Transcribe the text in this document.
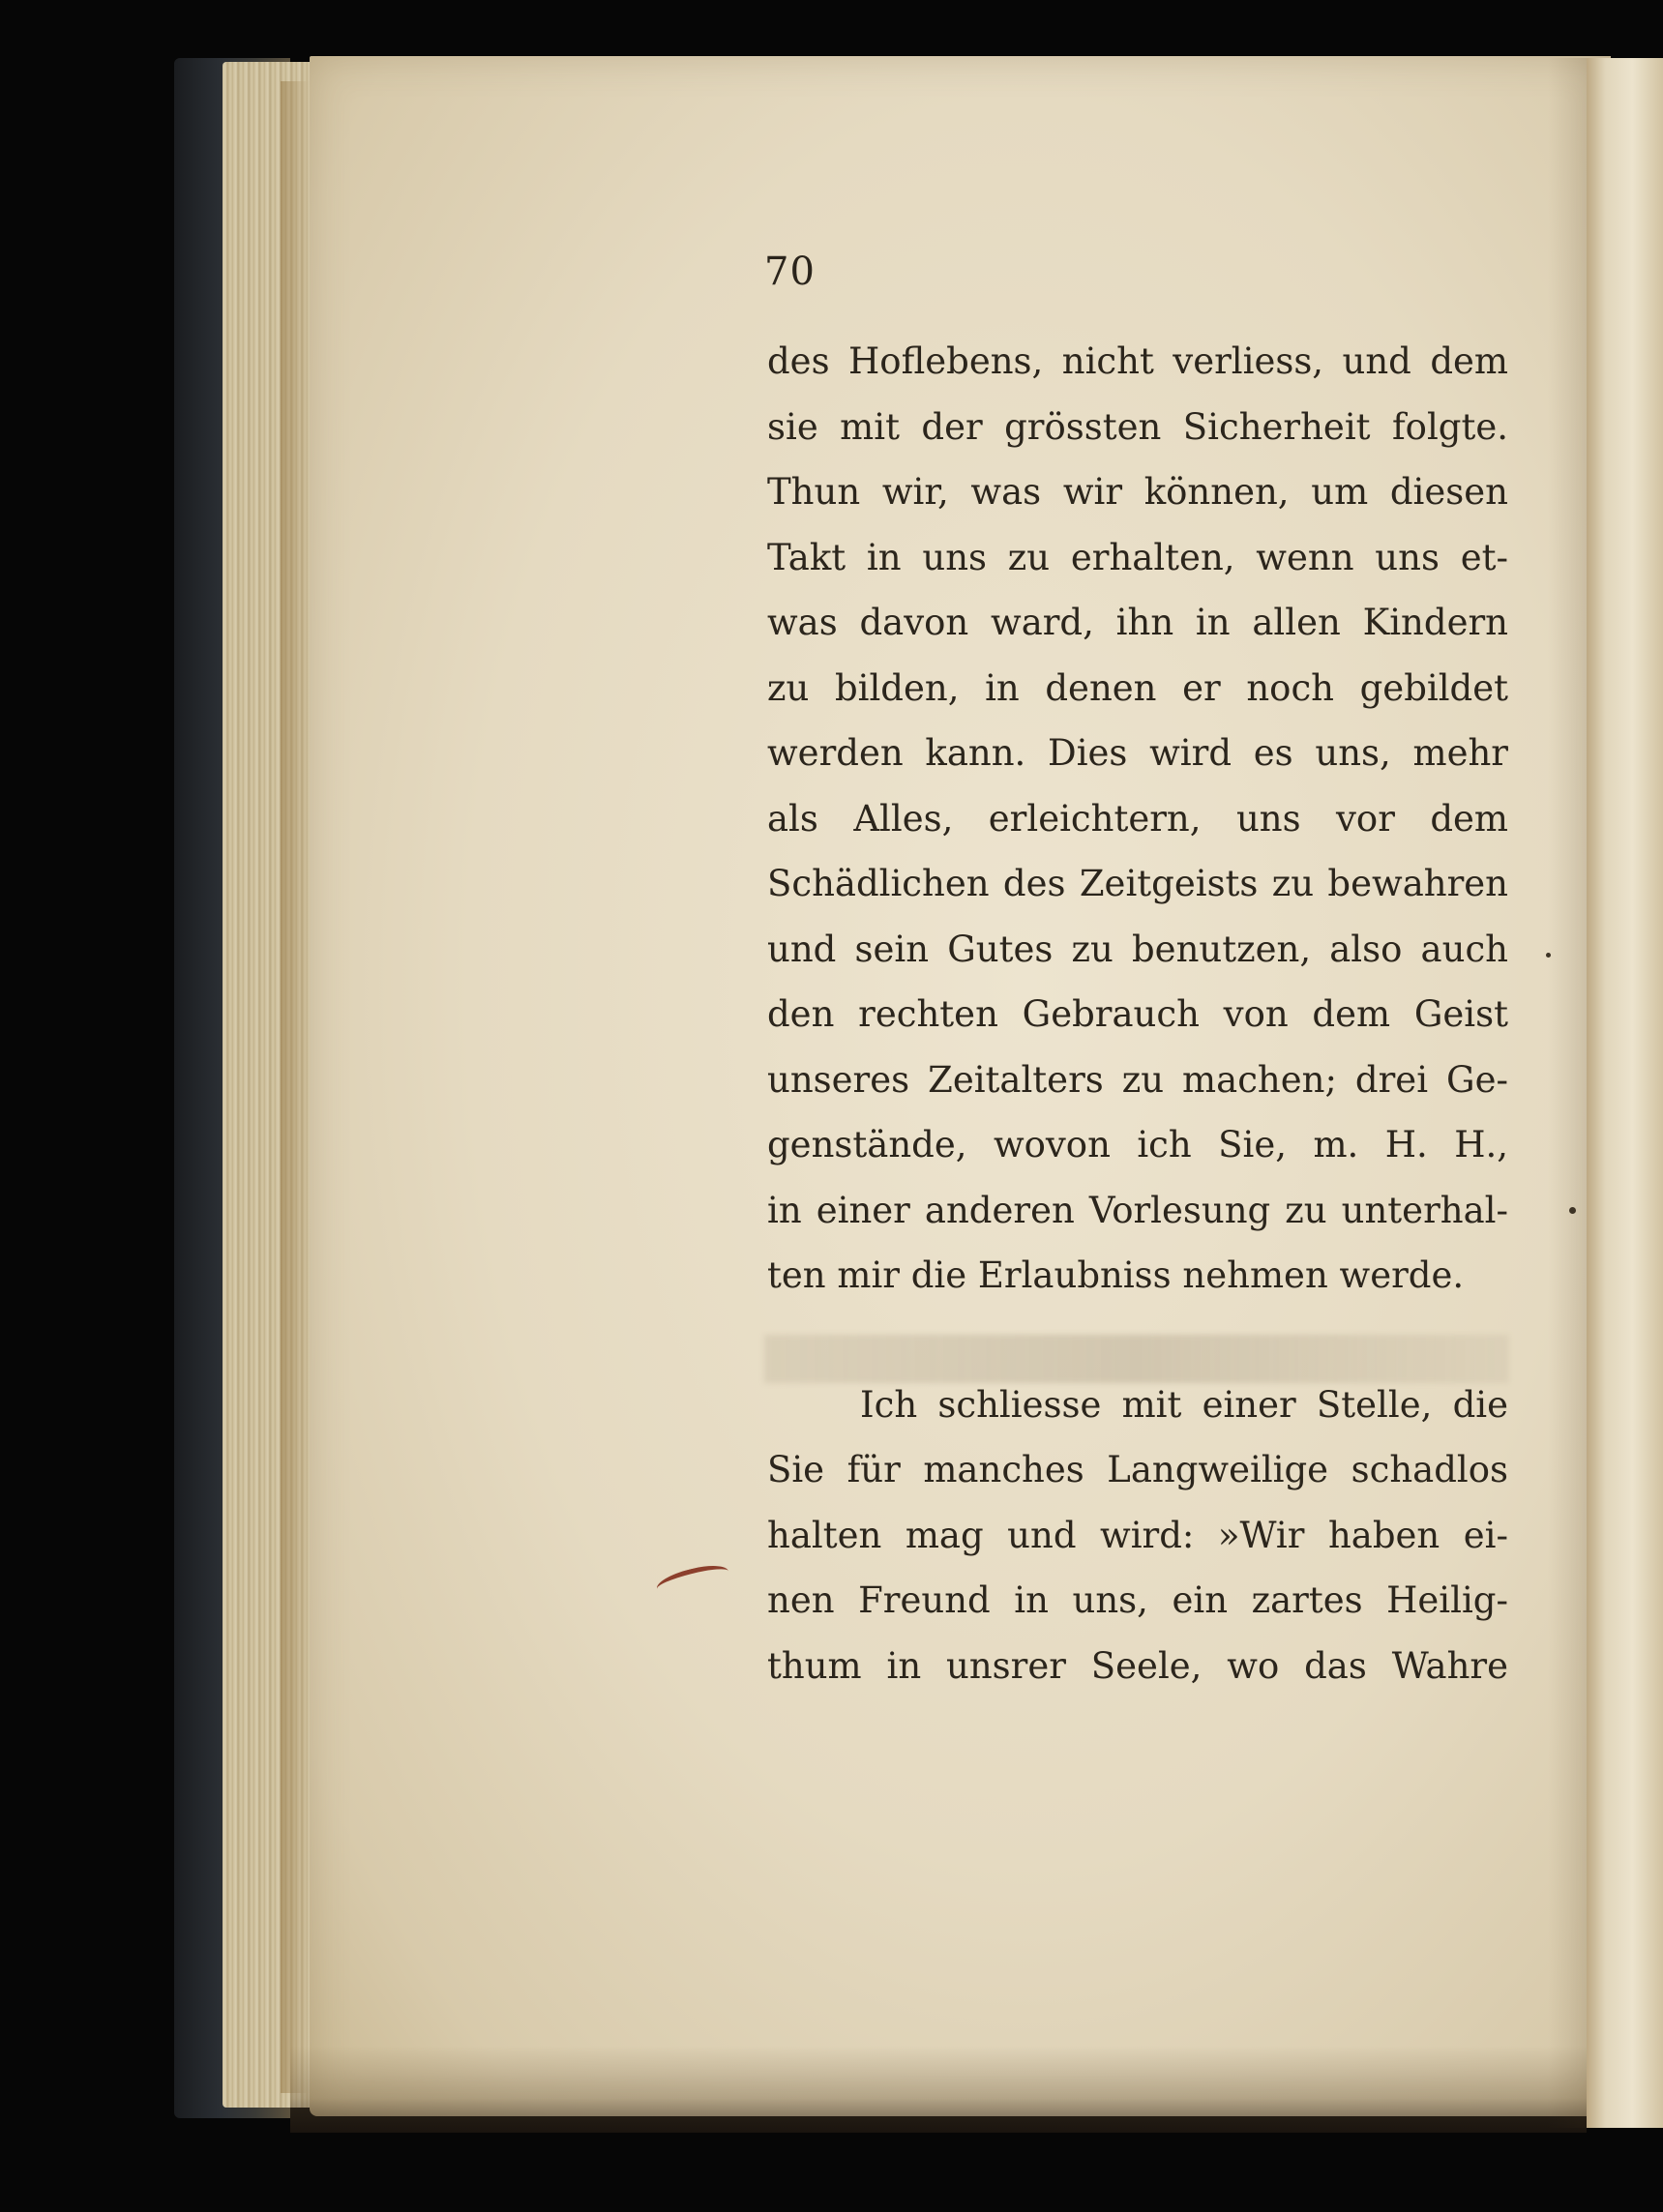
70
des Hoflebens, nicht verliess, und dem
sie mit der grössten Sicherheit folgte.
Thun wir, was wir können, um diesen
Takt in uns zu erhalten, wenn uns et-
was davon ward, ihn in allen Kindern
zu bilden, in denen er noch gebildet
werden kann. Dies wird es uns, mehr
als Alles, erleichtern, uns vor dem
Schädlichen des Zeitgeists zu bewahren
und sein Gutes zu benutzen, also auch
den rechten Gebrauch von dem Geist
unseres Zeitalters zu machen; drei Ge-
genstände, wovon ich Sie, m. H. H.,
in einer anderen Vorlesung zu unterhal-
ten mir die Erlaubniss nehmen werde.
Ich schliesse mit einer Stelle, die
Sie für manches Langweilige schadlos
halten mag und wird: »Wir haben ei-
nen Freund in uns, ein zartes Heilig-
thum in unsrer Seele, wo das Wahre
